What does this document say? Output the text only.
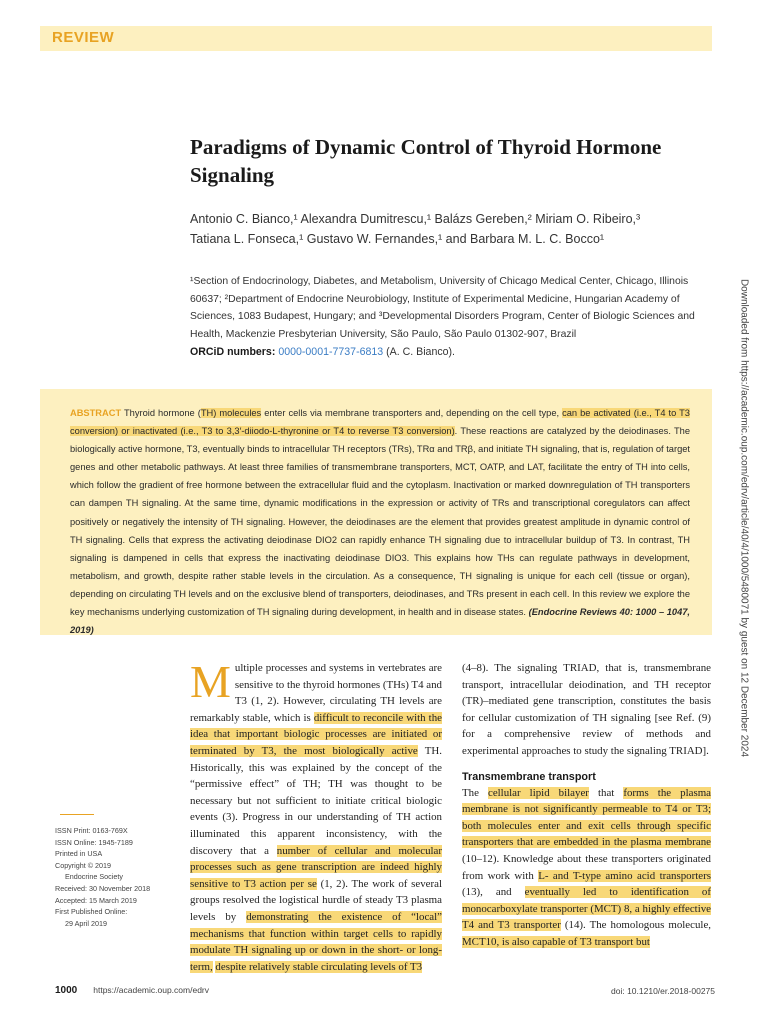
REVIEW
Paradigms of Dynamic Control of Thyroid Hormone Signaling
Antonio C. Bianco,¹ Alexandra Dumitrescu,¹ Balázs Gereben,² Miriam O. Ribeiro,³
Tatiana L. Fonseca,¹ Gustavo W. Fernandes,¹ and Barbara M. L. C. Bocco¹
¹Section of Endocrinology, Diabetes, and Metabolism, University of Chicago Medical Center, Chicago, Illinois 60637; ²Department of Endocrine Neurobiology, Institute of Experimental Medicine, Hungarian Academy of Sciences, 1083 Budapest, Hungary; and ³Developmental Disorders Program, Center of Biologic Sciences and Health, Mackenzie Presbyterian University, São Paulo, São Paulo 01302-907, Brazil
ORCiD numbers: 0000-0001-7737-6813 (A. C. Bianco).
ABSTRACT Thyroid hormone (TH) molecules enter cells via membrane transporters and, depending on the cell type, can be activated (i.e., T4 to T3 conversion) or inactivated (i.e., T3 to 3,3′-diiodo-L-thyronine or T4 to reverse T3 conversion). These reactions are catalyzed by the deiodinases. The biologically active hormone, T3, eventually binds to intracellular TH receptors (TRs), TRα and TRβ, and initiate TH signaling, that is, regulation of target genes and other metabolic pathways. At least three families of transmembrane transporters, MCT, OATP, and LAT, facilitate the entry of TH into cells, which follow the gradient of free hormone between the extracellular fluid and the cytoplasm. Inactivation or marked downregulation of TH transporters can dampen TH signaling. At the same time, dynamic modifications in the expression or activity of TRs and transcriptional coregulators can affect positively or negatively the intensity of TH signaling. However, the deiodinases are the element that provides greatest amplitude in dynamic control of TH signaling. Cells that express the activating deiodinase DIO2 can rapidly enhance TH signaling due to intracellular buildup of T3. In contrast, TH signaling is dampened in cells that express the inactivating deiodinase DIO3. This explains how THs can regulate pathways in development, metabolism, and growth, despite rather stable levels in the circulation. As a consequence, TH signaling is unique for each cell (tissue or organ), depending on circulating TH levels and on the exclusive blend of transporters, deiodinases, and TRs present in each cell. In this review we explore the key mechanisms underlying customization of TH signaling during development, in health and in disease states. (Endocrine Reviews 40: 1000 – 1047, 2019)
Multiple processes and systems in vertebrates are sensitive to the thyroid hormones (THs) T4 and T3 (1, 2). However, circulating TH levels are remarkably stable, which is difficult to reconcile with the idea that important biologic processes are initiated or terminated by T3, the most biologically active TH. Historically, this was explained by the concept of the “permissive effect” of TH; TH was thought to be necessary but not sufficient to initiate critical biologic events (3). Progress in our understanding of TH action illuminated this apparent inconsistency, with the discovery that a number of cellular and molecular processes such as gene transcription are indeed highly sensitive to T3 action per se (1, 2). The work of several groups resolved the logistical hurdle of steady T3 plasma levels by demonstrating the existence of “local” mechanisms that function within target cells to rapidly modulate TH signaling up or down in the short- or long-term, despite relatively stable circulating levels of T3
(4–8). The signaling TRIAD, that is, transmembrane transport, intracellular deiodination, and TH receptor (TR)–mediated gene transcription, constitutes the basis for cellular customization of TH signaling [see Ref. (9) for a comprehensive review of methods and experimental approaches to study the signaling TRIAD].
Transmembrane transport
The cellular lipid bilayer that forms the plasma membrane is not significantly permeable to T4 or T3; both molecules enter and exit cells through specific transporters that are embedded in the plasma membrane (10–12). Knowledge about these transporters originated from work with L- and T-type amino acid transporters (13), and eventually led to identification of monocarboxylate transporter (MCT) 8, a highly effective T4 and T3 transporter (14). The homologous molecule, MCT10, is also capable of T3 transport but
ISSN Print: 0163-769X
ISSN Online: 1945-7189
Printed in USA
Copyright © 2019
Endocrine Society
Received: 30 November 2018
Accepted: 15 March 2019
First Published Online:
29 April 2019
Downloaded from https://academic.oup.com/edrv/article/40/4/1000/5480071 by guest on 12 December 2024
1000 https://academic.oup.com/edrv	doi: 10.1210/er.2018-00275
